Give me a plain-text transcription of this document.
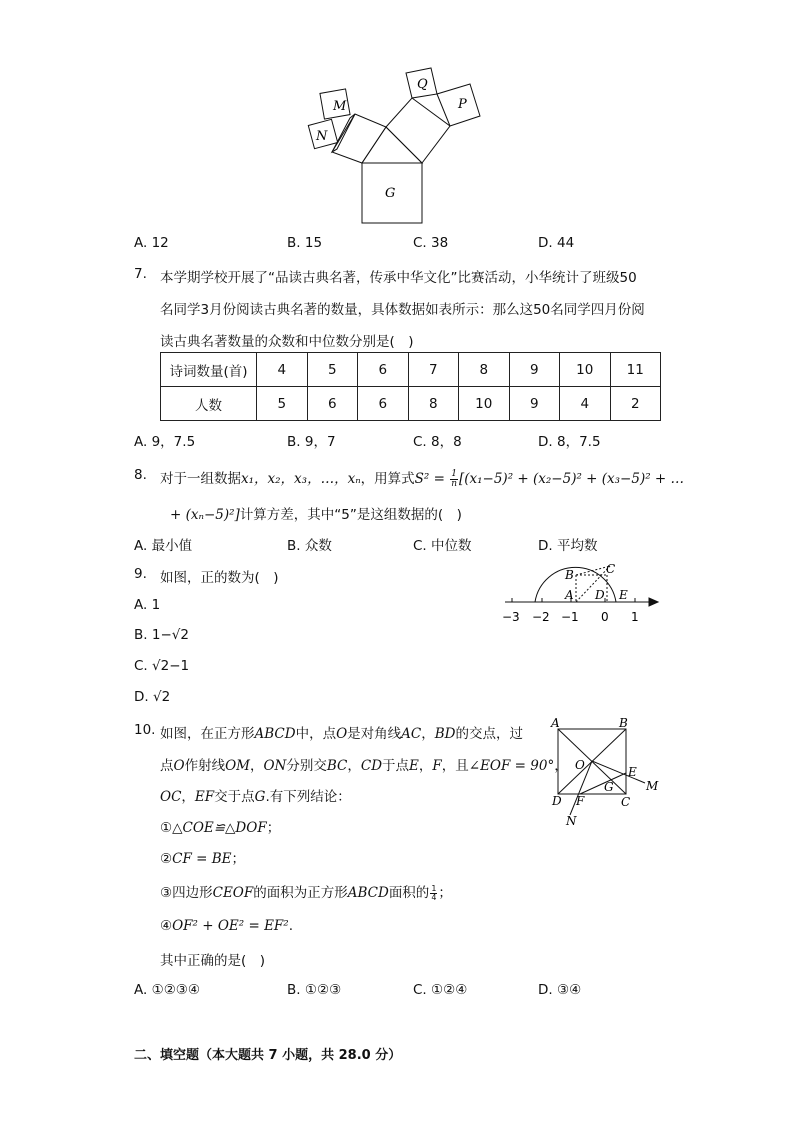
M
N
Q
P
G
A. 12	B. 15	C. 38	D. 44
7. 本学期学校开展了“品读古典名著，传承中华文化”比赛活动，小华统计了班级50
名同学3月份阅读古典名著的数量，具体数据如表所示：那么这50名同学四月份阅
读古典名著数量的众数和中位数分别是(　)
诗词数量(首)	4	5	6	7	8	9	10	11
人数	5	6	6	8	10	9	4	2
A. 9，7.5	B. 9，7	C. 8，8	D. 8，7.5
8. 对于一组数据x₁，x₂，x₃，…，xₙ，用算式$S^2 = \frac{1}{n} [(x_1-5)^2 + (x_2-5)^2 + (x_3-5)^2$ + …
+ (xₙ−5)²]计算方差，其中“5”是这组数据的(　)
A. 最小值	B. 众数	C. 中位数	D. 平均数
9. 如图，正的数为(　)
A. 1
B. 1−√2
C. √2−1
D. √2
−3 −2 −1 0 1
B	C
A D E
10. 如图，在正方形ABCD中，点O是对角线AC，BD的交点，过
点O作射线OM，ON分别交BC，CD于点E，F，且∠EOF = 90°，
OC，EF交于点G.有下列结论：
①△COE≌△DOF；
②CF = BE；
③四边形CEOF的面积为正方形ABCD面积的 $\frac{1}{4}$ ；
④OF² + OE² = EF².
其中正确的是(　)
A	B
O	E
M
D F
G
C
N
A. ①②③④	B. ①②③	C. ①②④	D. ③④
二、填空题（本大题共 7 小题，共 28.0 分）
